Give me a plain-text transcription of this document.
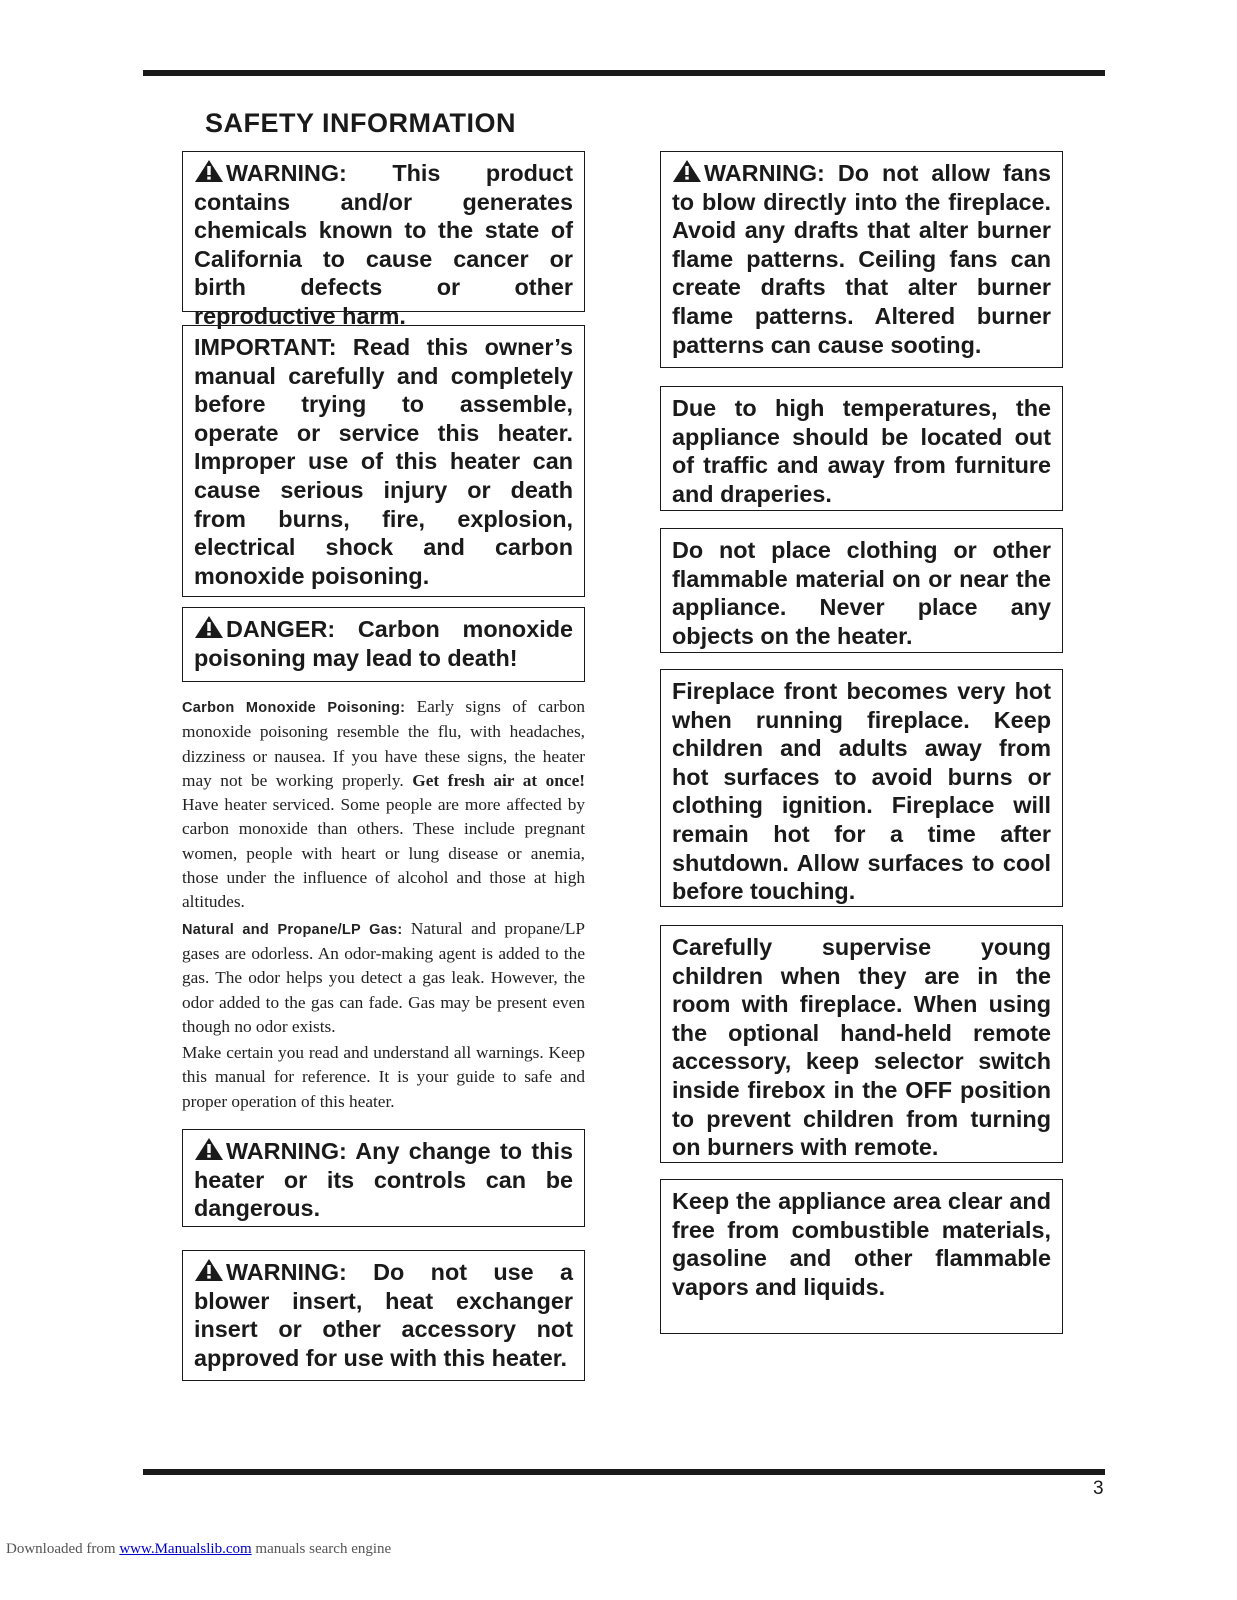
SAFETY INFORMATION
WARNING: This product contains and/or generates chemicals known to the state of California to cause cancer or birth defects or other reproductive harm.
IMPORTANT: Read this owner’s manual carefully and completely before trying to assemble, operate or service this heater. Improper use of this heater can cause serious injury or death from burns, fire, explosion, electrical shock and carbon monoxide poisoning.
DANGER: Carbon monoxide poisoning may lead to death!

Carbon Monoxide Poisoning: Early signs of carbon monoxide poisoning resemble the flu, with headaches, dizziness or nausea. If you have these signs, the heater may not be working properly. Get fresh air at once! Have heater serviced. Some people are more affected by carbon monoxide than others. These include pregnant women, people with heart or lung disease or anemia, those under the influence of alcohol and those at high altitudes.

Natural and Propane/LP Gas: Natural and propane/LP gases are odorless. An odor-making agent is added to the gas. The odor helps you detect a gas leak. However, the odor added to the gas can fade. Gas may be present even though no odor exists.

Make certain you read and understand all warnings. Keep this manual for reference. It is your guide to safe and proper operation of this heater.

WARNING: Any change to this heater or its controls can be dangerous.
WARNING: Do not use a blower insert, heat exchanger insert or other accessory not approved for use with this heater.
WARNING: Do not allow fans to blow directly into the fireplace. Avoid any drafts that alter burner flame patterns. Ceiling fans can create drafts that alter burner flame patterns. Altered burner patterns can cause sooting.
Due to high temperatures, the appliance should be located out of traffic and away from furniture and draperies.
Do not place clothing or other flammable material on or near the appliance. Never place any objects on the heater.
Fireplace front becomes very hot when running fireplace. Keep children and adults away from hot surfaces to avoid burns or clothing ignition. Fireplace will remain hot for a time after shutdown. Allow surfaces to cool before touching.
Carefully supervise young children when they are in the room with fireplace. When using the optional hand-held remote accessory, keep selector switch inside firebox in the OFF position to prevent children from turning on burners with remote.
Keep the appliance area clear and free from combustible materials, gasoline and other flammable vapors and liquids.
3
Downloaded from www.Manualslib.com manuals search engine
